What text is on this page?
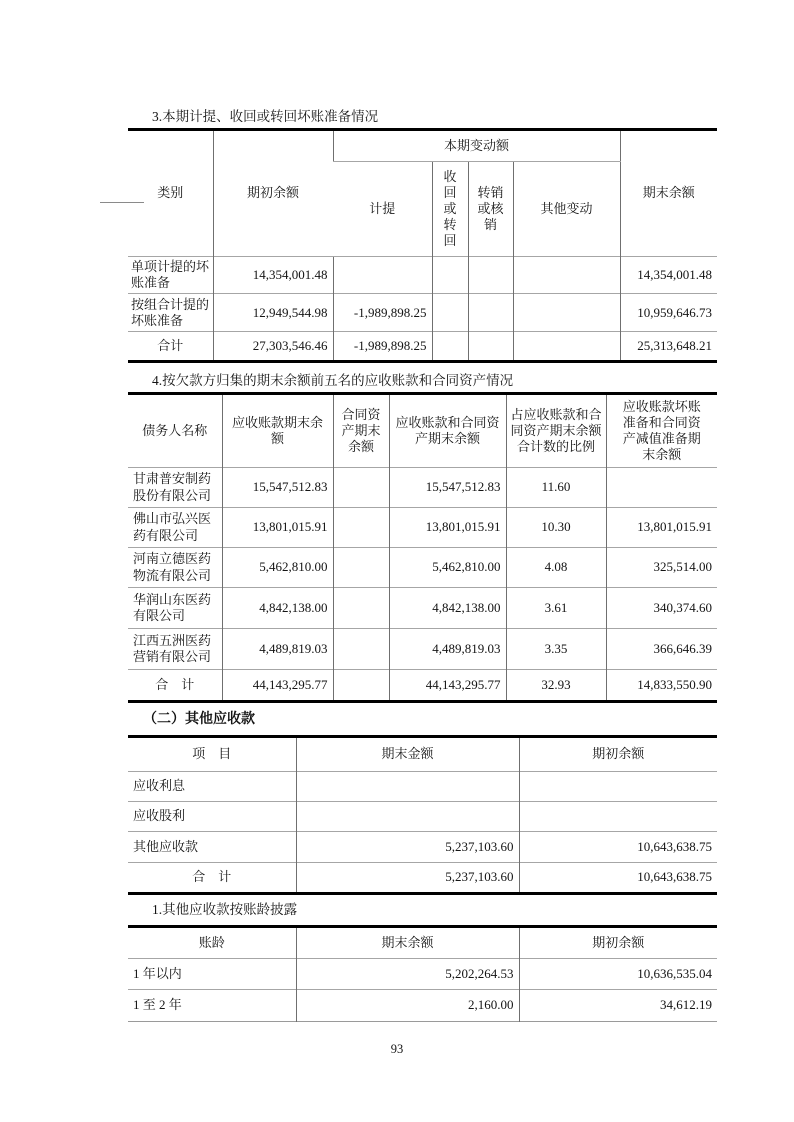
3.本期计提、收回或转回坏账准备情况
类别	期初余额	本期变动额				期末余额
		计提	收回或转回	转销或核销	其他变动	
单项计提的坏账准备	14,354,001.48					14,354,001.48
按组合计提的坏账准备	12,949,544.98	-1,989,898.25				10,959,646.73
合计	27,303,546.46	-1,989,898.25				25,313,648.21
4.按欠款方归集的期末余额前五名的应收账款和合同资产情况
债务人名称	应收账款期末余额	合同资产期末余额	应收账款和合同资产期末余额	占应收账款和合同资产期末余额合计数的比例	应收账款坏账准备和合同资产减值准备期末余额
甘肃普安制药股份有限公司	15,547,512.83		15,547,512.83	11.60	
佛山市弘兴医药有限公司	13,801,015.91		13,801,015.91	10.30	13,801,015.91
河南立德医药物流有限公司	5,462,810.00		5,462,810.00	4.08	325,514.00
华润山东医药有限公司	4,842,138.00		4,842,138.00	3.61	340,374.60
江西五洲医药营销有限公司	4,489,819.03		4,489,819.03	3.35	366,646.39
合　计	44,143,295.77		44,143,295.77	32.93	14,833,550.90
（二）其他应收款
项　目	期末金额	期初余额
应收利息		
应收股利		
其他应收款	5,237,103.60	10,643,638.75
合　计	5,237,103.60	10,643,638.75
1.其他应收款按账龄披露
账龄	期末余额	期初余额
1 年以内	5,202,264.53	10,636,535.04
1 至 2 年	2,160.00	34,612.19
93
